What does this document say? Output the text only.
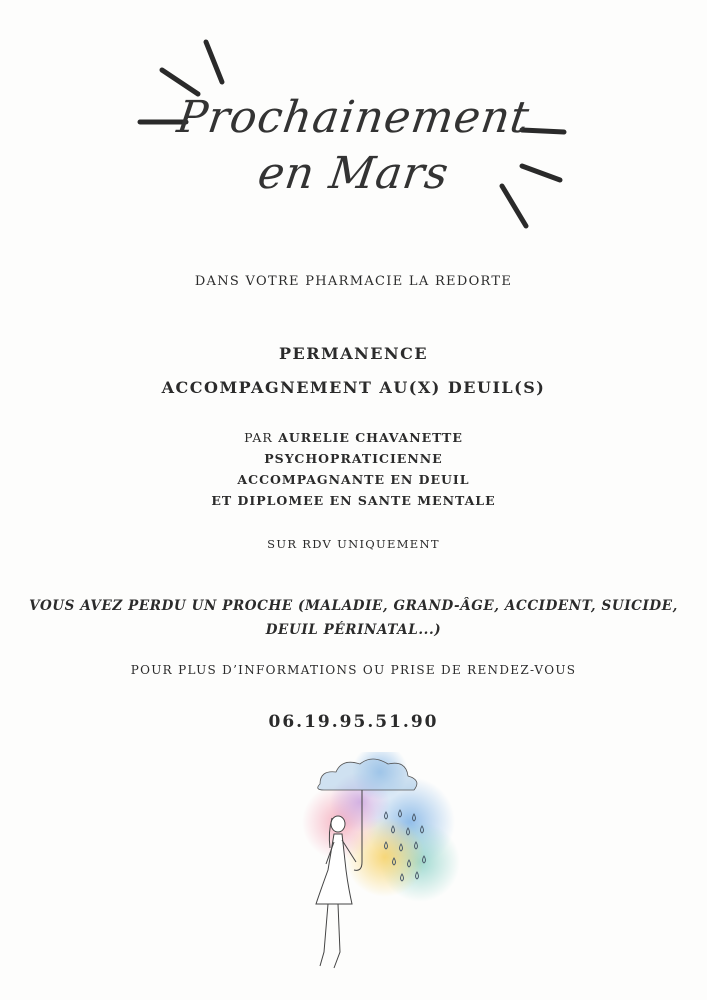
Prochainement
en Mars
DANS VOTRE PHARMACIE LA REDORTE
PERMANENCE
ACCOMPAGNEMENT AU(X) DEUIL(S)
PAR AURELIE CHAVANETTE
PSYCHOPRATICIENNE
ACCOMPAGNANTE EN DEUIL
ET DIPLOMEE EN SANTE MENTALE
SUR RDV UNIQUEMENT
VOUS AVEZ PERDU UN PROCHE (MALADIE, GRAND-ÂGE, ACCIDENT, SUICIDE,
DEUIL PÉRINATAL...)
POUR PLUS D’INFORMATIONS OU PRISE DE RENDEZ-VOUS
06.19.95.51.90
